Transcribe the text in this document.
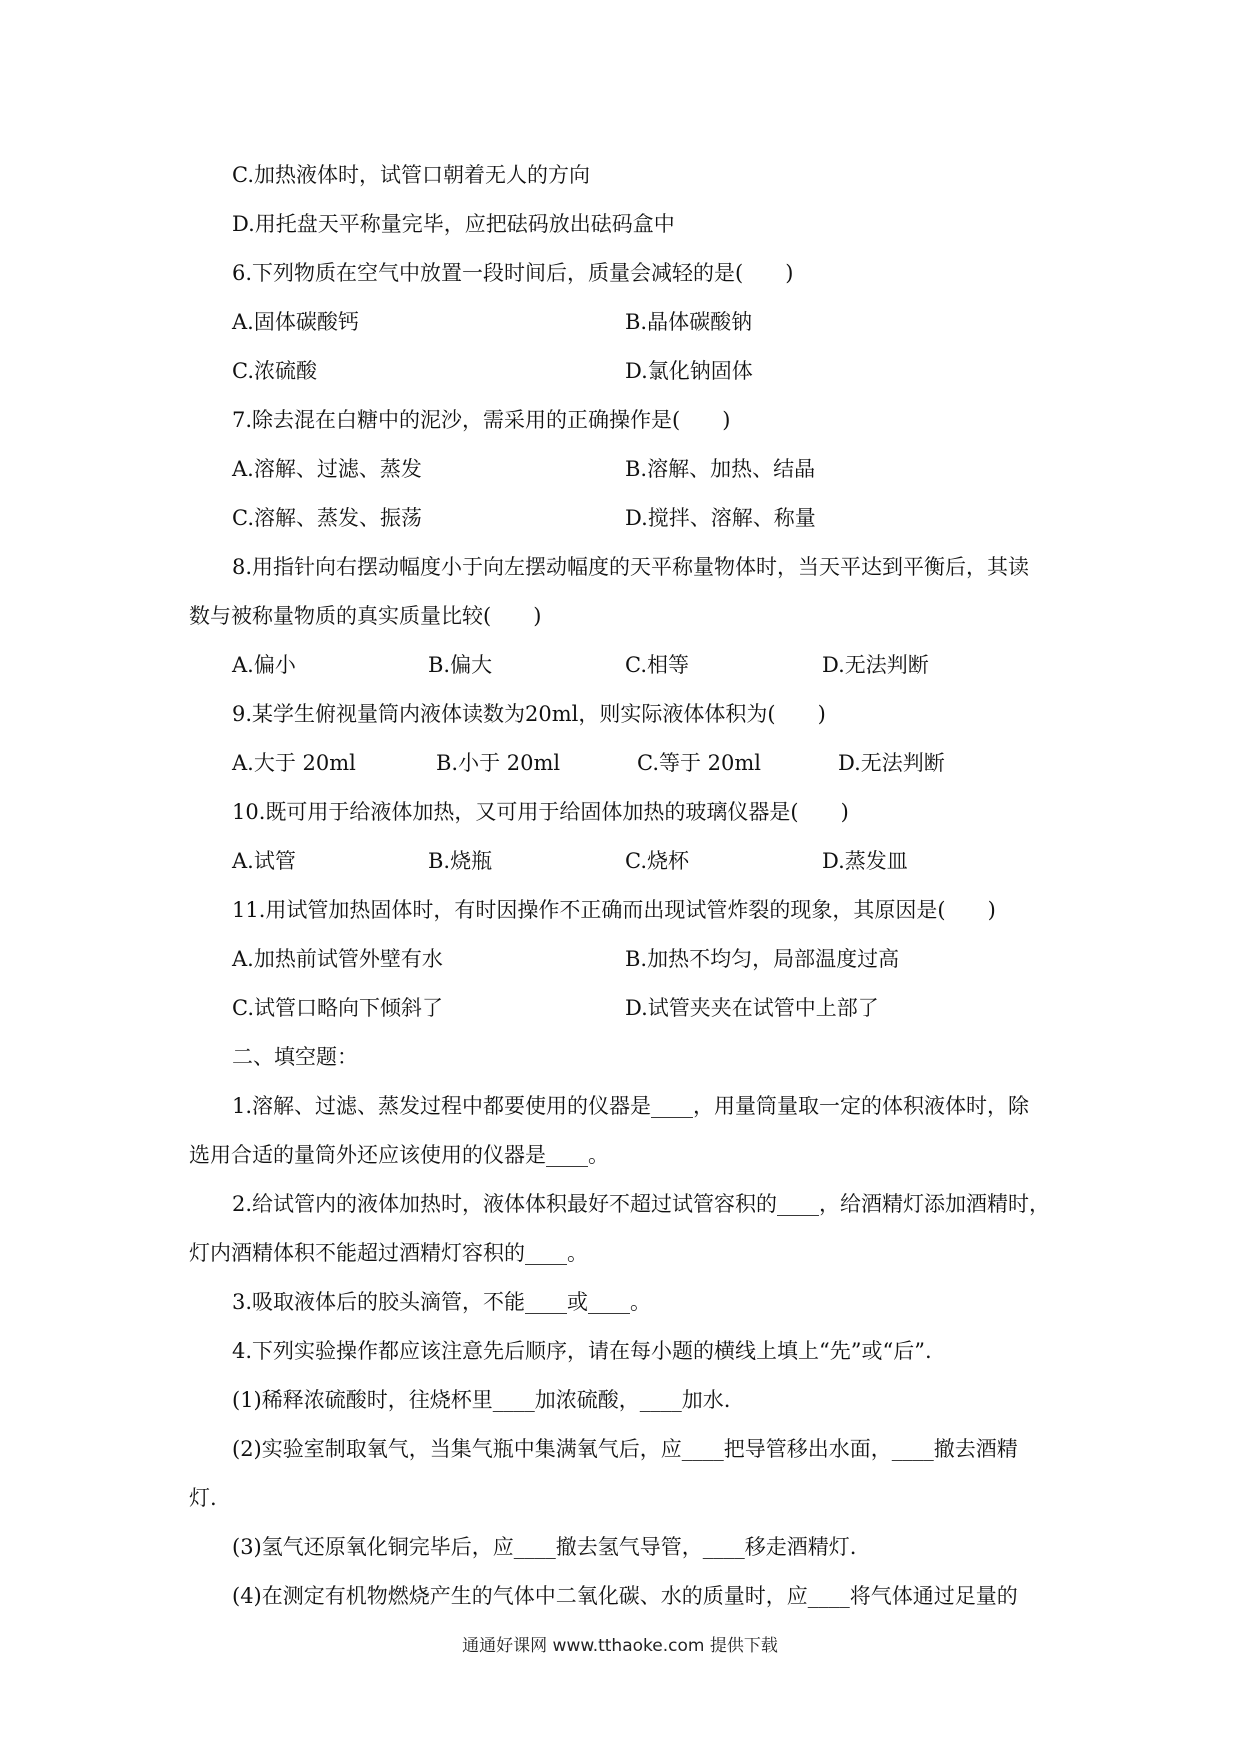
C.加热液体时，试管口朝着无人的方向
D.用托盘天平称量完毕，应把砝码放出砝码盒中
6.下列物质在空气中放置一段时间后，质量会减轻的是(　　)
A.固体碳酸钙	B.晶体碳酸钠
C.浓硫酸	D.氯化钠固体
7.除去混在白糖中的泥沙，需采用的正确操作是(　　)
A.溶解、过滤、蒸发	B.溶解、加热、结晶
C.溶解、蒸发、振荡	D.搅拌、溶解、称量
8.用指针向右摆动幅度小于向左摆动幅度的天平称量物体时，当天平达到平衡后，其读
数与被称量物质的真实质量比较(　　)
A.偏小	B.偏大	C.相等	D.无法判断
9.某学生俯视量筒内液体读数为20ml，则实际液体体积为(　　)
A.大于 20ml	B.小于 20ml	C.等于 20ml	D.无法判断
10.既可用于给液体加热，又可用于给固体加热的玻璃仪器是(　　)
A.试管	B.烧瓶	C.烧杯	D.蒸发皿
11.用试管加热固体时，有时因操作不正确而出现试管炸裂的现象，其原因是(　　)
A.加热前试管外壁有水	B.加热不均匀，局部温度过高
C.试管口略向下倾斜了	D.试管夹夹在试管中上部了
二、填空题：
1.溶解、过滤、蒸发过程中都要使用的仪器是____，用量筒量取一定的体积液体时，除
选用合适的量筒外还应该使用的仪器是____。
2.给试管内的液体加热时，液体体积最好不超过试管容积的____，给酒精灯添加酒精时，
灯内酒精体积不能超过酒精灯容积的____。
3.吸取液体后的胶头滴管，不能____或____。
4.下列实验操作都应该注意先后顺序，请在每小题的横线上填上“先”或“后”.
(1)稀释浓硫酸时，往烧杯里____加浓硫酸，____加水.
(2)实验室制取氧气，当集气瓶中集满氧气后，应____把导管移出水面，____撤去酒精
灯.
(3)氢气还原氧化铜完毕后，应____撤去氢气导管，____移走酒精灯.
(4)在测定有机物燃烧产生的气体中二氧化碳、水的质量时，应____将气体通过足量的
通通好课网 www.tthaoke.com 提供下载
